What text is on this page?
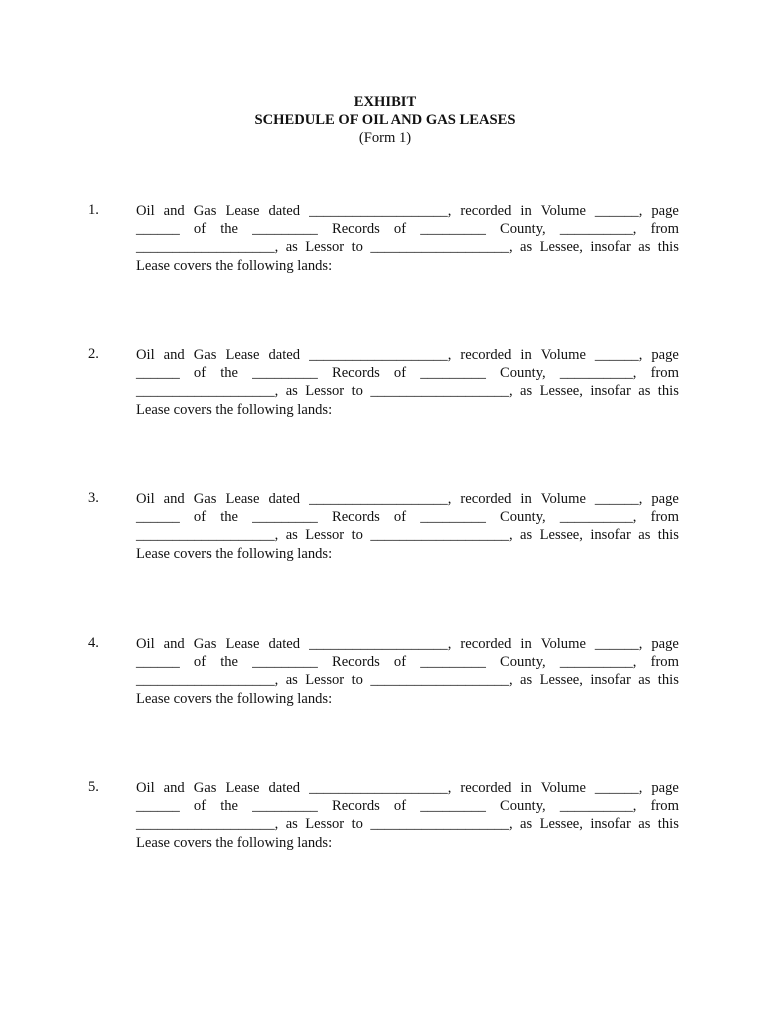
EXHIBIT
SCHEDULE OF OIL AND GAS LEASES
(Form 1)
1.	Oil and Gas Lease dated ___________________, recorded in Volume ______, page
______ of the _________ Records of _________ County, __________, from
___________________, as Lessor to ___________________, as Lessee, insofar as this
Lease covers the following lands:
2.	Oil and Gas Lease dated ___________________, recorded in Volume ______, page
______ of the _________ Records of _________ County, __________, from
___________________, as Lessor to ___________________, as Lessee, insofar as this
Lease covers the following lands:
3.	Oil and Gas Lease dated ___________________, recorded in Volume ______, page
______ of the _________ Records of _________ County, __________, from
___________________, as Lessor to ___________________, as Lessee, insofar as this
Lease covers the following lands:
4.	Oil and Gas Lease dated ___________________, recorded in Volume ______, page
______ of the _________ Records of _________ County, __________, from
___________________, as Lessor to ___________________, as Lessee, insofar as this
Lease covers the following lands:
5.	Oil and Gas Lease dated ___________________, recorded in Volume ______, page
______ of the _________ Records of _________ County, __________, from
___________________, as Lessor to ___________________, as Lessee, insofar as this
Lease covers the following lands:
